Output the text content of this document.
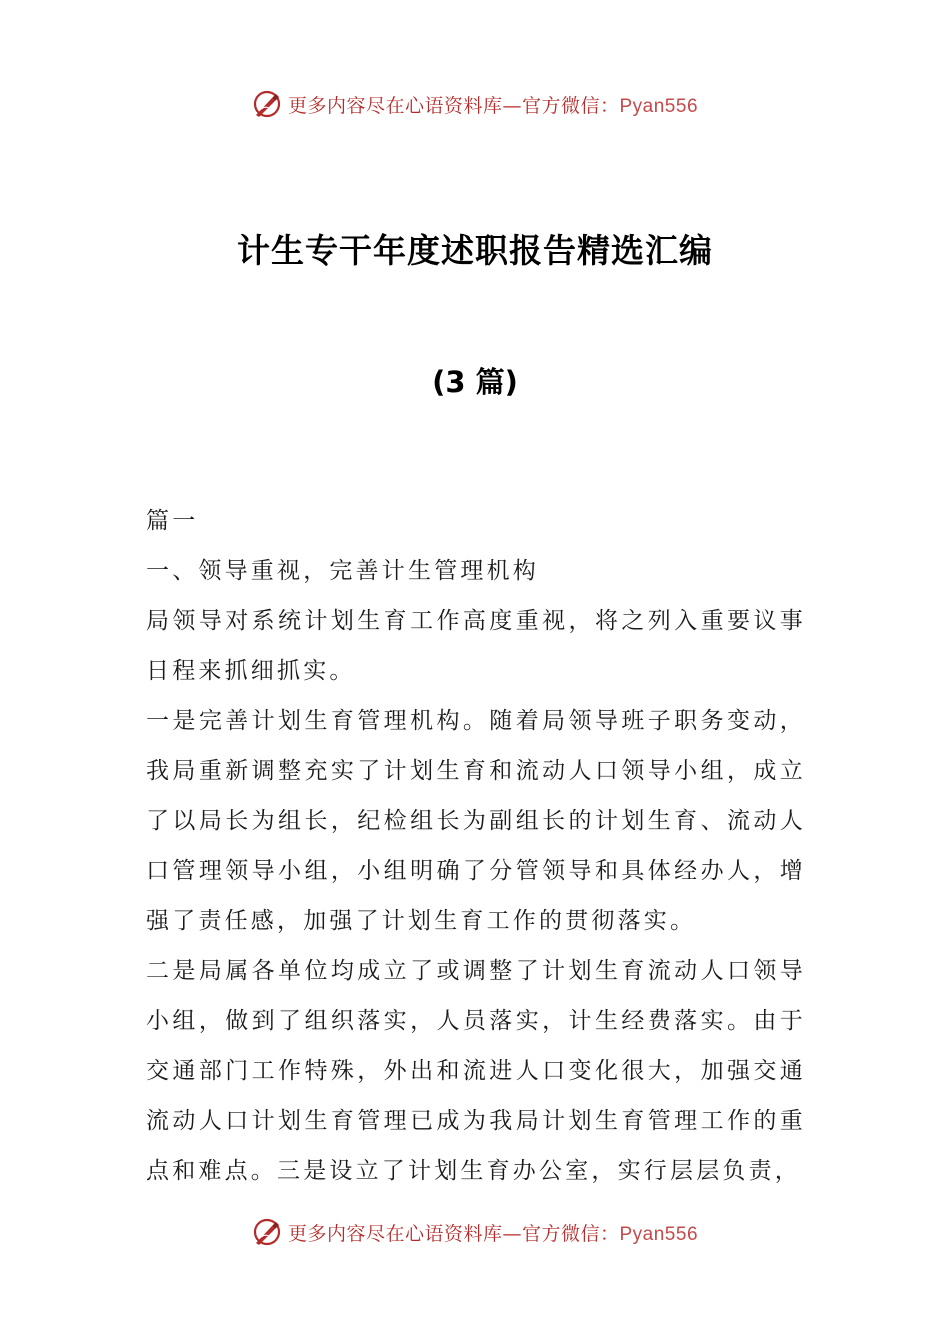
更多内容尽在心语资料库—官方微信：Pyan556
计生专干年度述职报告精选汇编
(3 篇)

篇一

一、领导重视，完善计生管理机构

局领导对系统计划生育工作高度重视，将之列入重要议事日程来抓细抓实。

一是完善计划生育管理机构。随着局领导班子职务变动，我局重新调整充实了计划生育和流动人口领导小组，成立了以局长为组长，纪检组长为副组长的计划生育、流动人口管理领导小组，小组明确了分管领导和具体经办人，增强了责任感，加强了计划生育工作的贯彻落实。

二是局属各单位均成立了或调整了计划生育流动人口领导小组，做到了组织落实，人员落实，计生经费落实。由于交通部门工作特殊，外出和流进人口变化很大，加强交通流动人口计划生育管理已成为我局计划生育管理工作的重点和难点。三是设立了计划生育办公室，实行层层负责，

更多内容尽在心语资料库—官方微信：Pyan556
